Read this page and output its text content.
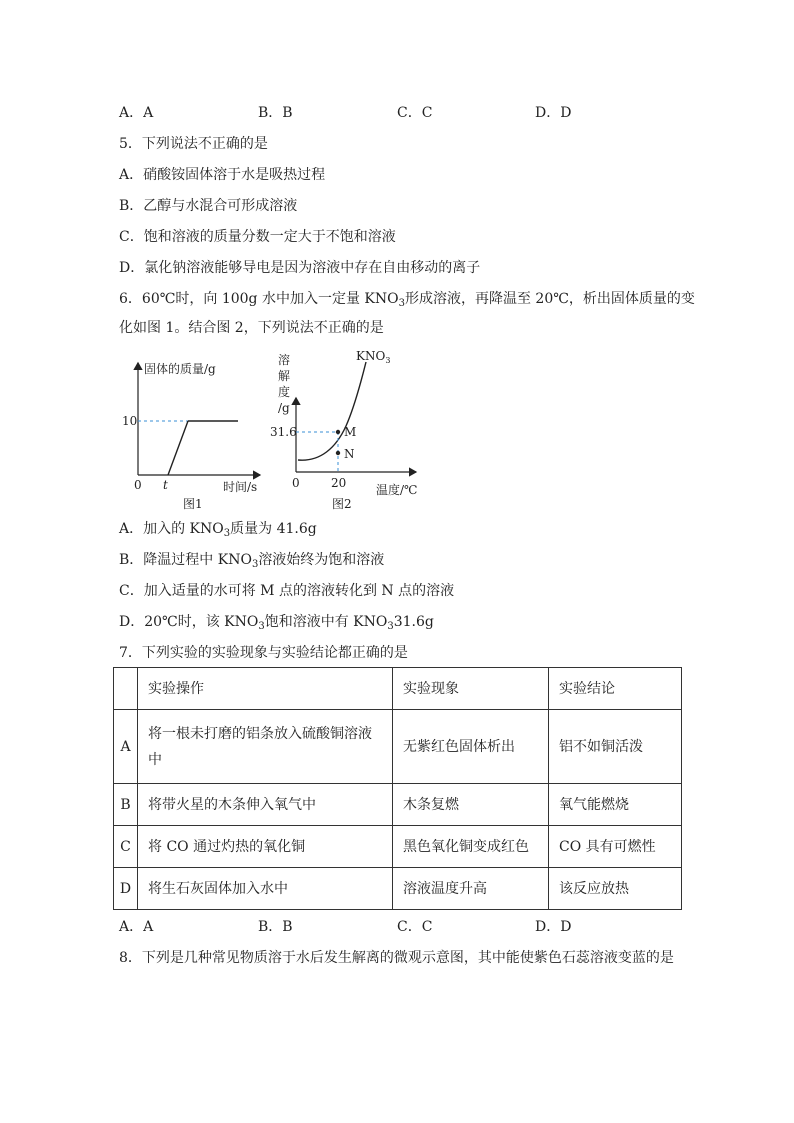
A．A	B．B	C．C	D．D
5．下列说法不正确的是
A．硝酸铵固体溶于水是吸热过程
B．乙醇与水混合可形成溶液
C．饱和溶液的质量分数一定大于不饱和溶液
D．氯化钠溶液能够导电是因为溶液中存在自由移动的离子
6．60℃时，向 100g 水中加入一定量 $KNO_3$形成溶液，再降温至 20℃，析出固体质量的变
化如图 1。结合图 2，下列说法不正确的是
固体的质量/g
10
0 t	时间/s
图1
溶
解
度
/g
$KNO_3$
31.6	M
N
0	20 温度/℃
图2
A．加入的 $KNO_3$质量为 41.6g
B．降温过程中 $KNO_3$溶液始终为饱和溶液
C．加入适量的水可将 M 点的溶液转化到 N 点的溶液
D．20℃时，该 $KNO_3$饱和溶液中有 $KNO_331.6g$
7．下列实验的实验现象与实验结论都正确的是
	实验操作	实验现象	实验结论
A	将一根未打磨的铝条放入硫酸铜溶液中	无紫红色固体析出	铝不如铜活泼
B	将带火星的木条伸入氧气中	木条复燃	氧气能燃烧
C	将 CO 通过灼热的氧化铜	黑色氧化铜变成红色	CO 具有可燃性
D	将生石灰固体加入水中	溶液温度升高	该反应放热
A．A	B．B	C．C	D．D
8．下列是几种常见物质溶于水后发生解离的微观示意图，其中能使紫色石蕊溶液变蓝的是
